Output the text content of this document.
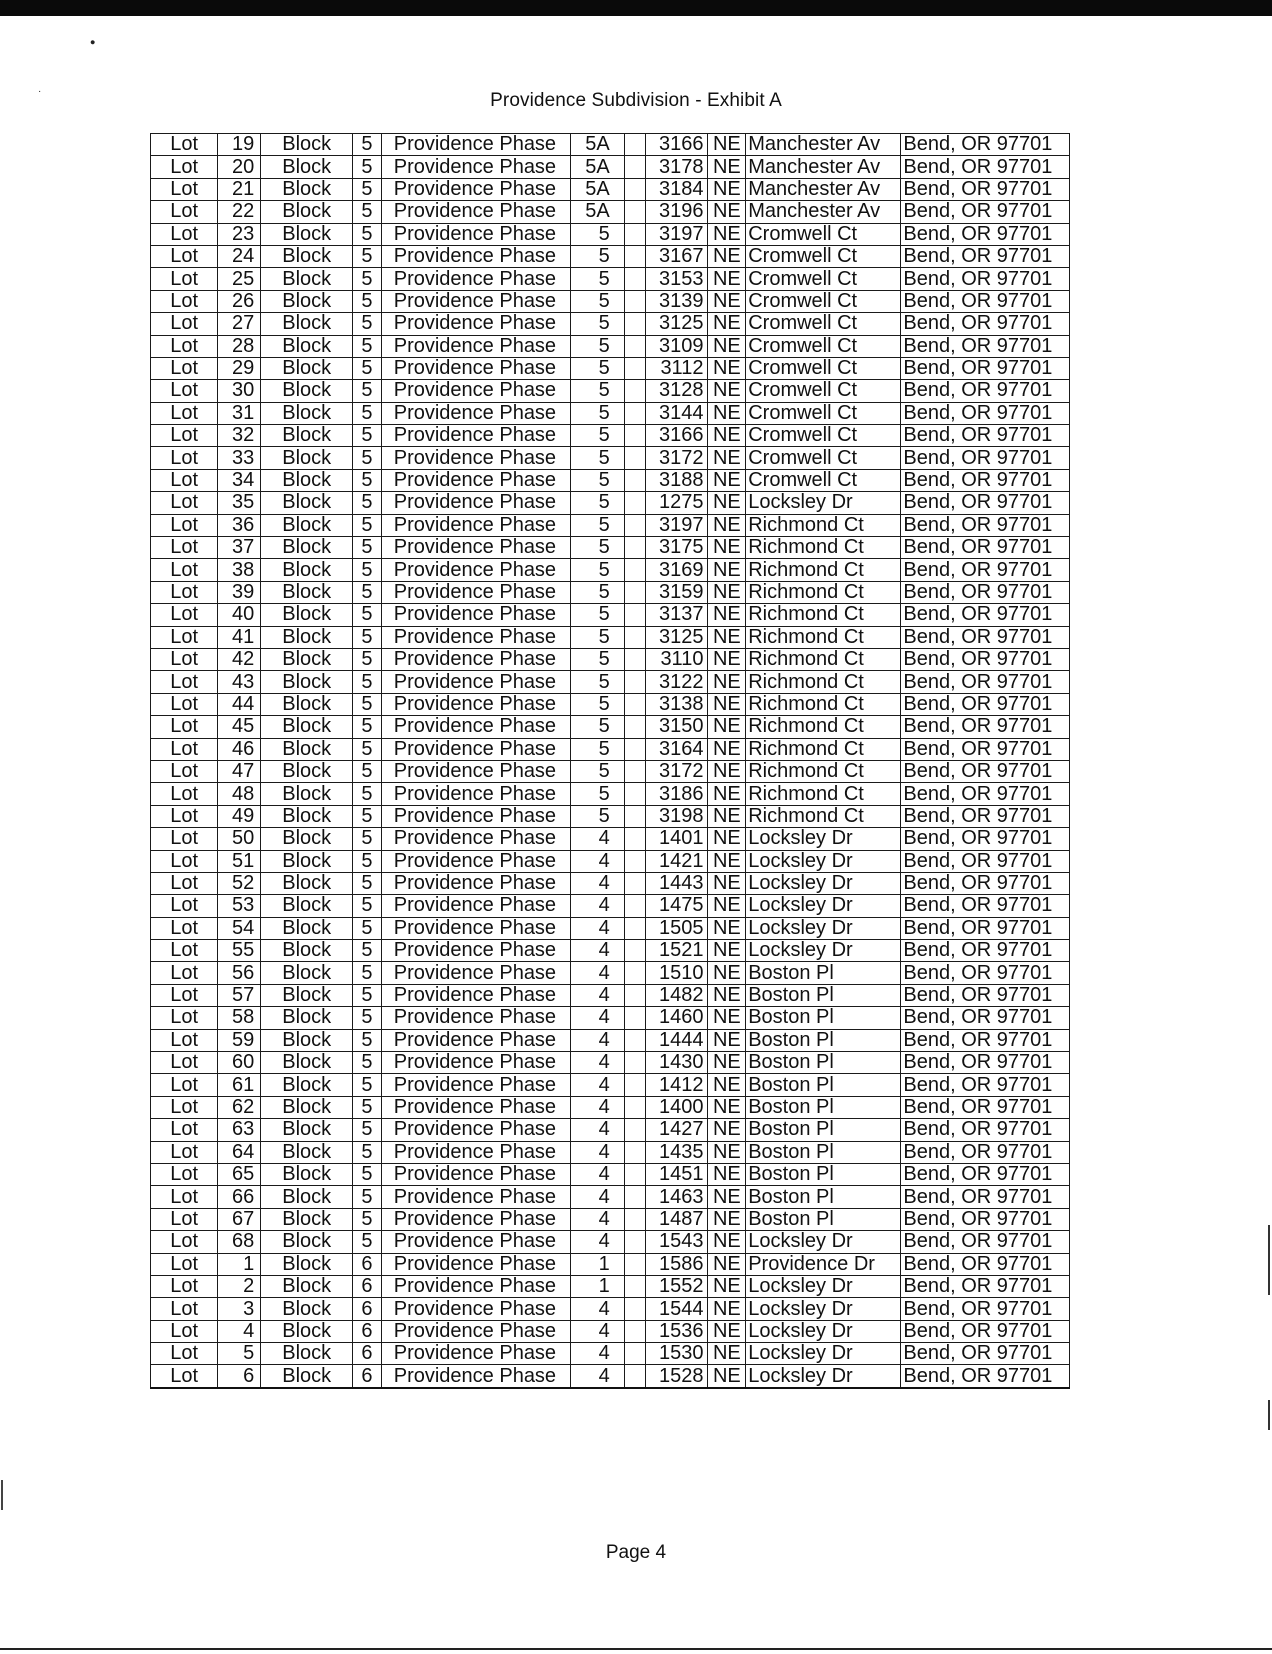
•
·	Providence Subdivision - Exhibit A
Lot	19	Block	5	Providence Phase	5A		3166	NE	Manchester Av	Bend, OR 97701
Lot	20	Block	5	Providence Phase	5A		3178	NE	Manchester Av	Bend, OR 97701
Lot	21	Block	5	Providence Phase	5A		3184	NE	Manchester Av	Bend, OR 97701
Lot	22	Block	5	Providence Phase	5A		3196	NE	Manchester Av	Bend, OR 97701
Lot	23	Block	5	Providence Phase	5		3197	NE	Cromwell Ct	Bend, OR 97701
Lot	24	Block	5	Providence Phase	5		3167	NE	Cromwell Ct	Bend, OR 97701
Lot	25	Block	5	Providence Phase	5		3153	NE	Cromwell Ct	Bend, OR 97701
Lot	26	Block	5	Providence Phase	5		3139	NE	Cromwell Ct	Bend, OR 97701
Lot	27	Block	5	Providence Phase	5		3125	NE	Cromwell Ct	Bend, OR 97701
Lot	28	Block	5	Providence Phase	5		3109	NE	Cromwell Ct	Bend, OR 97701
Lot	29	Block	5	Providence Phase	5		3112	NE	Cromwell Ct	Bend, OR 97701
Lot	30	Block	5	Providence Phase	5		3128	NE	Cromwell Ct	Bend, OR 97701
Lot	31	Block	5	Providence Phase	5		3144	NE	Cromwell Ct	Bend, OR 97701
Lot	32	Block	5	Providence Phase	5		3166	NE	Cromwell Ct	Bend, OR 97701
Lot	33	Block	5	Providence Phase	5		3172	NE	Cromwell Ct	Bend, OR 97701
Lot	34	Block	5	Providence Phase	5		3188	NE	Cromwell Ct	Bend, OR 97701
Lot	35	Block	5	Providence Phase	5		1275	NE	Locksley Dr	Bend, OR 97701
Lot	36	Block	5	Providence Phase	5		3197	NE	Richmond Ct	Bend, OR 97701
Lot	37	Block	5	Providence Phase	5		3175	NE	Richmond Ct	Bend, OR 97701
Lot	38	Block	5	Providence Phase	5		3169	NE	Richmond Ct	Bend, OR 97701
Lot	39	Block	5	Providence Phase	5		3159	NE	Richmond Ct	Bend, OR 97701
Lot	40	Block	5	Providence Phase	5		3137	NE	Richmond Ct	Bend, OR 97701
Lot	41	Block	5	Providence Phase	5		3125	NE	Richmond Ct	Bend, OR 97701
Lot	42	Block	5	Providence Phase	5		3110	NE	Richmond Ct	Bend, OR 97701
Lot	43	Block	5	Providence Phase	5		3122	NE	Richmond Ct	Bend, OR 97701
Lot	44	Block	5	Providence Phase	5		3138	NE	Richmond Ct	Bend, OR 97701
Lot	45	Block	5	Providence Phase	5		3150	NE	Richmond Ct	Bend, OR 97701
Lot	46	Block	5	Providence Phase	5		3164	NE	Richmond Ct	Bend, OR 97701
Lot	47	Block	5	Providence Phase	5		3172	NE	Richmond Ct	Bend, OR 97701
Lot	48	Block	5	Providence Phase	5		3186	NE	Richmond Ct	Bend, OR 97701
Lot	49	Block	5	Providence Phase	5		3198	NE	Richmond Ct	Bend, OR 97701
Lot	50	Block	5	Providence Phase	4		1401	NE	Locksley Dr	Bend, OR 97701
Lot	51	Block	5	Providence Phase	4		1421	NE	Locksley Dr	Bend, OR 97701
Lot	52	Block	5	Providence Phase	4		1443	NE	Locksley Dr	Bend, OR 97701
Lot	53	Block	5	Providence Phase	4		1475	NE	Locksley Dr	Bend, OR 97701
Lot	54	Block	5	Providence Phase	4		1505	NE	Locksley Dr	Bend, OR 97701
Lot	55	Block	5	Providence Phase	4		1521	NE	Locksley Dr	Bend, OR 97701
Lot	56	Block	5	Providence Phase	4		1510	NE	Boston Pl	Bend, OR 97701
Lot	57	Block	5	Providence Phase	4		1482	NE	Boston Pl	Bend, OR 97701
Lot	58	Block	5	Providence Phase	4		1460	NE	Boston Pl	Bend, OR 97701
Lot	59	Block	5	Providence Phase	4		1444	NE	Boston Pl	Bend, OR 97701
Lot	60	Block	5	Providence Phase	4		1430	NE	Boston Pl	Bend, OR 97701
Lot	61	Block	5	Providence Phase	4		1412	NE	Boston Pl	Bend, OR 97701
Lot	62	Block	5	Providence Phase	4		1400	NE	Boston Pl	Bend, OR 97701
Lot	63	Block	5	Providence Phase	4		1427	NE	Boston Pl	Bend, OR 97701
Lot	64	Block	5	Providence Phase	4		1435	NE	Boston Pl	Bend, OR 97701
Lot	65	Block	5	Providence Phase	4		1451	NE	Boston Pl	Bend, OR 97701
Lot	66	Block	5	Providence Phase	4		1463	NE	Boston Pl	Bend, OR 97701
Lot	67	Block	5	Providence Phase	4		1487	NE	Boston Pl	Bend, OR 97701
Lot	68	Block	5	Providence Phase	4		1543	NE	Locksley Dr	Bend, OR 97701
Lot	1	Block	6	Providence Phase	1		1586	NE	Providence Dr	Bend, OR 97701
Lot	2	Block	6	Providence Phase	1		1552	NE	Locksley Dr	Bend, OR 97701
Lot	3	Block	6	Providence Phase	4		1544	NE	Locksley Dr	Bend, OR 97701
Lot	4	Block	6	Providence Phase	4		1536	NE	Locksley Dr	Bend, OR 97701
Lot	5	Block	6	Providence Phase	4		1530	NE	Locksley Dr	Bend, OR 97701
Lot	6	Block	6	Providence Phase	4		1528	NE	Locksley Dr	Bend, OR 97701
Page 4
